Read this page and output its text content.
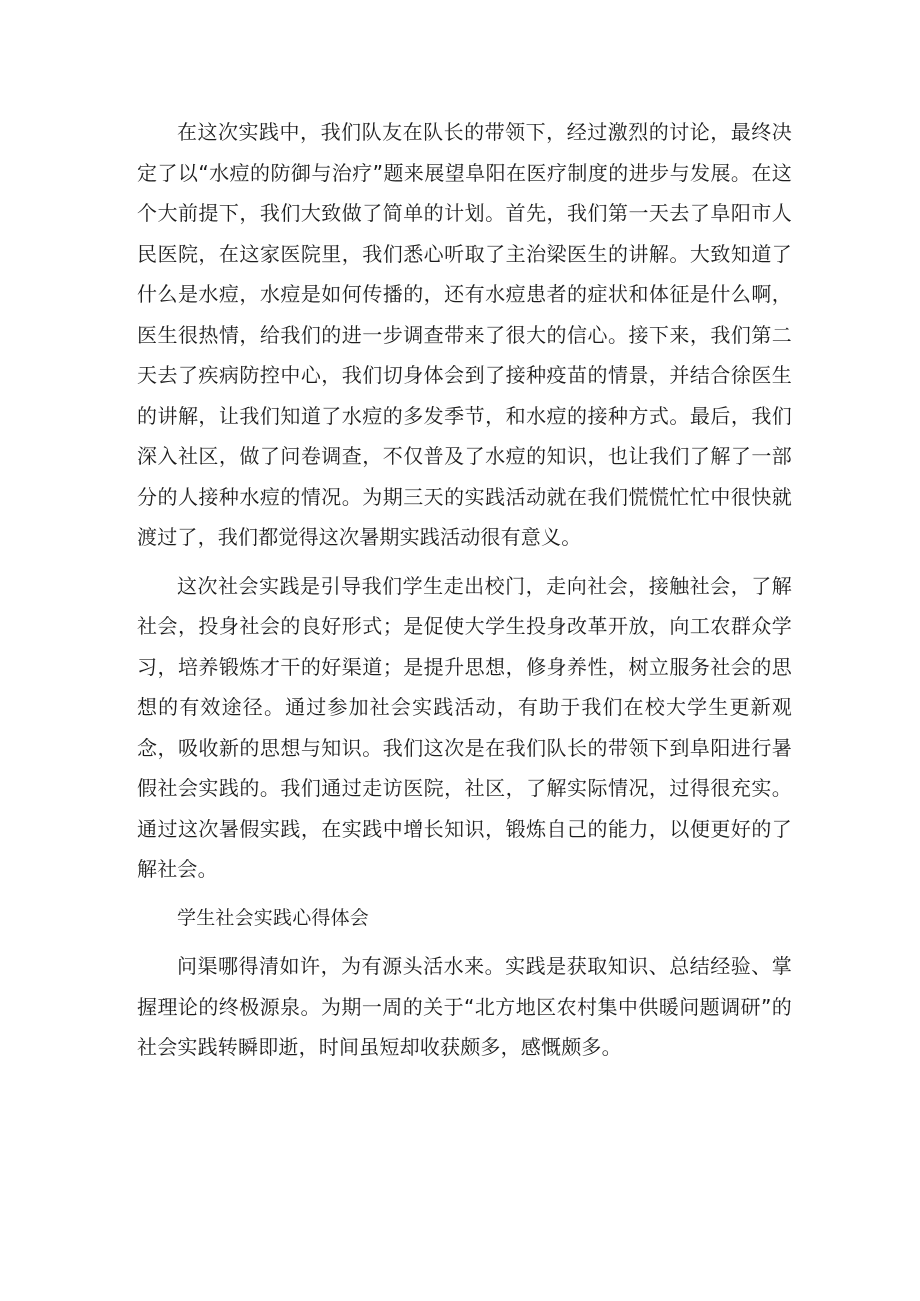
在这次实践中，我们队友在队长的带领下，经过激烈的讨论，最终决定了以“水痘的防御与治疗”题来展望阜阳在医疗制度的进步与发展。在这个大前提下，我们大致做了简单的计划。首先，我们第一天去了阜阳市人民医院，在这家医院里，我们悉心听取了主治梁医生的讲解。大致知道了什么是水痘，水痘是如何传播的，还有水痘患者的症状和体征是什么啊，医生很热情，给我们的进一步调查带来了很大的信心。接下来，我们第二天去了疾病防控中心，我们切身体会到了接种疫苗的情景，并结合徐医生的讲解，让我们知道了水痘的多发季节，和水痘的接种方式。最后，我们深入社区，做了问卷调查，不仅普及了水痘的知识，也让我们了解了一部分的人接种水痘的情况。为期三天的实践活动就在我们慌慌忙忙中很快就渡过了，我们都觉得这次暑期实践活动很有意义。

这次社会实践是引导我们学生走出校门，走向社会，接触社会，了解社会，投身社会的良好形式；是促使大学生投身改革开放，向工农群众学习，培养锻炼才干的好渠道；是提升思想，修身养性，树立服务社会的思想的有效途径。通过参加社会实践活动，有助于我们在校大学生更新观念，吸收新的思想与知识。我们这次是在我们队长的带领下到阜阳进行暑假社会实践的。我们通过走访医院，社区，了解实际情况，过得很充实。通过这次暑假实践，在实践中增长知识，锻炼自己的能力，以便更好的了解社会。

学生社会实践心得体会

问渠哪得清如许，为有源头活水来。实践是获取知识、总结经验、掌握理论的终极源泉。为期一周的关于“北方地区农村集中供暖问题调研”的社会实践转瞬即逝，时间虽短却收获颇多，感慨颇多。
